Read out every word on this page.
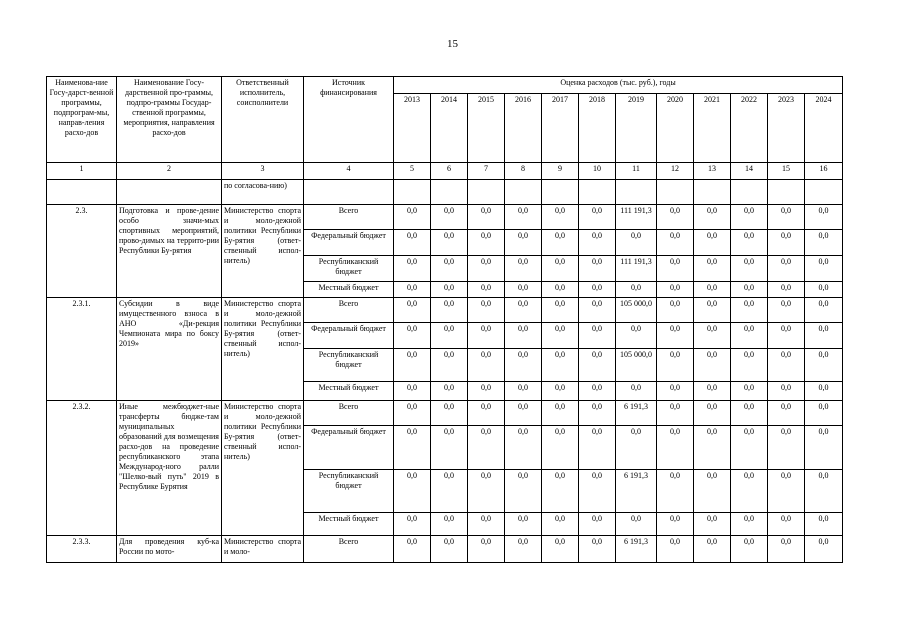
15
Наименова-ние Госу-дарст-венной программы, подпрограм-мы, направ-ления расхо-дов	Наименование Госу-дарственной про-граммы, подпро-граммы Государ-ственной программы, мероприятия, направления расхо-дов	Ответственный исполнитель, соисполнители	Источник финансирования	Оценка расходов (тыс. руб.), годы											
				2013	2014	2015	2016	2017	2018	2019	2020	2021	2022	2023	2024
1	2	3	4	5	6	7	8	9	10	11	12	13	14	15	16
		по согласова-нию)													
2.3.	Подготовка и прове-дение особо значи-мых спортивных мероприятий, прово-димых на террито-рии Республики Бу-рятия	Министерство спорта и моло-дежной политики Республики Бу-рятия (ответ-ственный испол-нитель)	Всего	0,0	0,0	0,0	0,0	0,0	0,0	111 191,3	0,0	0,0	0,0	0,0	0,0
			Федеральный бюджет	0,0	0,0	0,0	0,0	0,0	0,0	0,0	0,0	0,0	0,0	0,0	0,0
			Республиканский бюджет	0,0	0,0	0,0	0,0	0,0	0,0	111 191,3	0,0	0,0	0,0	0,0	0,0
			Местный бюджет	0,0	0,0	0,0	0,0	0,0	0,0	0,0	0,0	0,0	0,0	0,0	0,0
2.3.1.	Субсидии в виде имущественного взноса в АНО «Ди-рекция Чемпионата мира по боксу 2019»	Министерство спорта и моло-дежной политики Республики Бу-рятия (ответ-ственный испол-нитель)	Всего	0,0	0,0	0,0	0,0	0,0	0,0	105 000,0	0,0	0,0	0,0	0,0	0,0
			Федеральный бюджет	0,0	0,0	0,0	0,0	0,0	0,0	0,0	0,0	0,0	0,0	0,0	0,0
			Республиканский бюджет	0,0	0,0	0,0	0,0	0,0	0,0	105 000,0	0,0	0,0	0,0	0,0	0,0
			Местный бюджет	0,0	0,0	0,0	0,0	0,0	0,0	0,0	0,0	0,0	0,0	0,0	0,0
2.3.2.	Иные межбюджет-ные трансферты бюдже-там муниципальных образований для возмещения расхо-дов на проведение республиканского этапа Международ-ного ралли "Шелко-вый путь" 2019 в Республике Бурятия	Министерство спорта и моло-дежной политики Республики Бу-рятия (ответ-ственный испол-нитель)	Всего	0,0	0,0	0,0	0,0	0,0	0,0	6 191,3	0,0	0,0	0,0	0,0	0,0
			Федеральный бюджет	0,0	0,0	0,0	0,0	0,0	0,0	0,0	0,0	0,0	0,0	0,0	0,0
			Республиканский бюджет	0,0	0,0	0,0	0,0	0,0	0,0	6 191,3	0,0	0,0	0,0	0,0	0,0
			Местный бюджет	0,0	0,0	0,0	0,0	0,0	0,0	0,0	0,0	0,0	0,0	0,0	0,0
2.3.3.	Для проведения куб-ка России по мото-	Министерство спорта и моло-	Всего	0,0	0,0	0,0	0,0	0,0	0,0	6 191,3	0,0	0,0	0,0	0,0	0,0
